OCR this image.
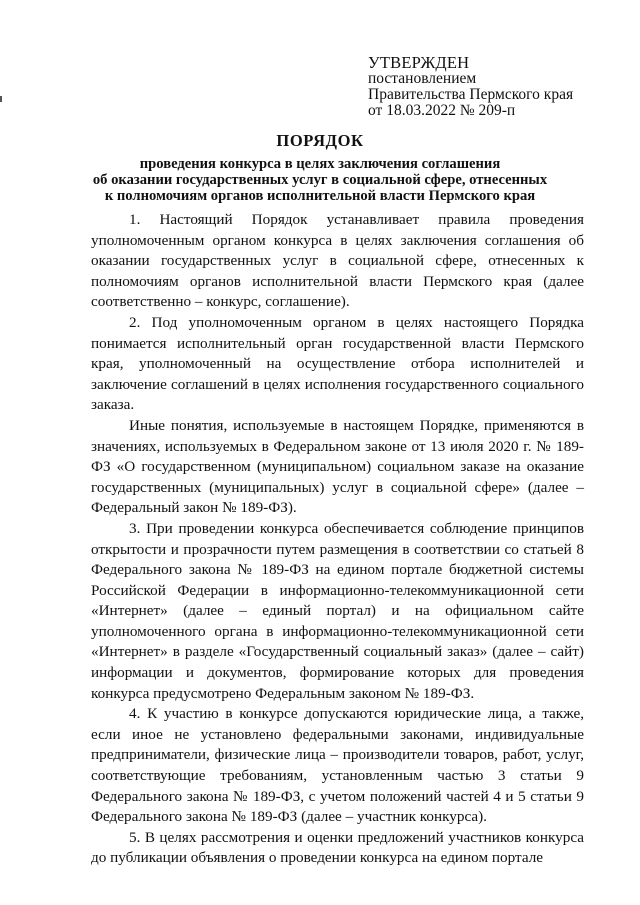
УТВЕРЖДЕН
постановлением
Правительства Пермского края
от 18.03.2022 № 209-п
ПОРЯДОК
проведения конкурса в целях заключения соглашения
об оказании государственных услуг в социальной сфере, отнесенных
к полномочиям органов исполнительной власти Пермского края

1. Настоящий Порядок устанавливает правила проведения уполномоченным органом конкурса в целях заключения соглашения об оказании государственных услуг в социальной сфере, отнесенных к полномочиям органов исполнительной власти Пермского края (далее соответственно – конкурс, соглашение).

2. Под уполномоченным органом в целях настоящего Порядка понимается исполнительный орган государственной власти Пермского края, уполномоченный на осуществление отбора исполнителей и заключение соглашений в целях исполнения государственного социального заказа.

Иные понятия, используемые в настоящем Порядке, применяются в значениях, используемых в Федеральном законе от 13 июля 2020 г. № 189-ФЗ «О государственном (муниципальном) социальном заказе на оказание государственных (муниципальных) услуг в социальной сфере» (далее – Федеральный закон № 189-ФЗ).

3. При проведении конкурса обеспечивается соблюдение принципов открытости и прозрачности путем размещения в соответствии со статьей 8 Федерального закона № 189-ФЗ на едином портале бюджетной системы Российской Федерации в информационно-телекоммуникационной сети «Интернет» (далее – единый портал) и на официальном сайте уполномоченного органа в информационно-телекоммуникационной сети «Интернет» в разделе «Государственный социальный заказ» (далее – сайт) информации и документов, формирование которых для проведения конкурса предусмотрено Федеральным законом № 189-ФЗ.

4. К участию в конкурсе допускаются юридические лица, а также, если иное не установлено федеральными законами, индивидуальные предприниматели, физические лица – производители товаров, работ, услуг, соответствующие требованиям, установленным частью 3 статьи 9 Федерального закона № 189-ФЗ, с учетом положений частей 4 и 5 статьи 9 Федерального закона № 189-ФЗ (далее – участник конкурса).

5. В целях рассмотрения и оценки предложений участников конкурса до публикации объявления о проведении конкурса на едином портале
